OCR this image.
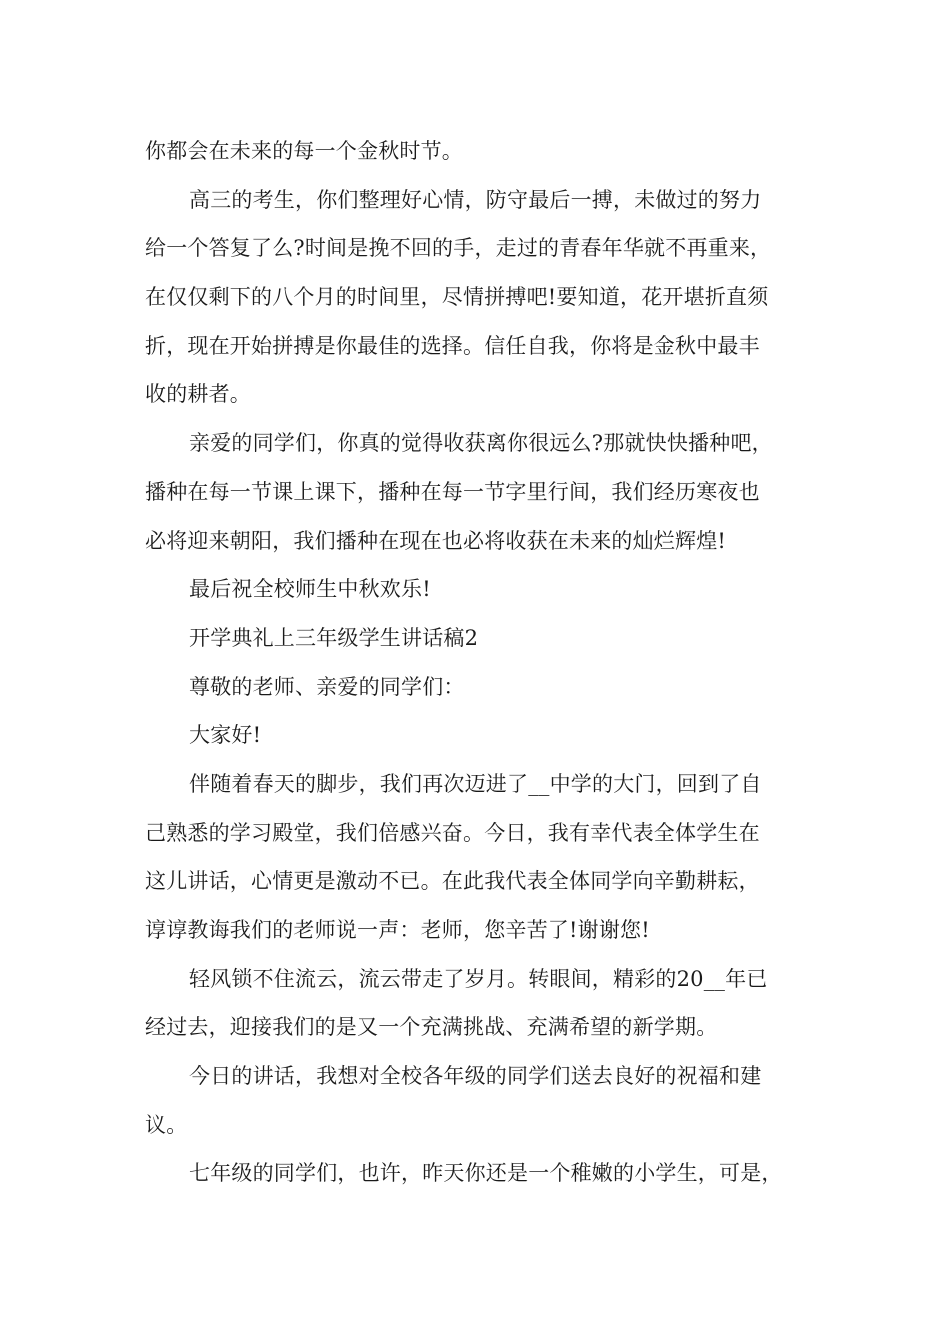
你都会在未来的每一个金秋时节。
高三的考生，你们整理好心情，防守最后一搏，未做过的努力
给一个答复了么?时间是挽不回的手，走过的青春年华就不再重来，
在仅仅剩下的八个月的时间里，尽情拼搏吧!要知道，花开堪折直须
折，现在开始拼搏是你最佳的选择。信任自我，你将是金秋中最丰
收的耕者。
亲爱的同学们，你真的觉得收获离你很远么?那就快快播种吧，
播种在每一节课上课下，播种在每一节字里行间，我们经历寒夜也
必将迎来朝阳，我们播种在现在也必将收获在未来的灿烂辉煌!
最后祝全校师生中秋欢乐!
开学典礼上三年级学生讲话稿2
尊敬的老师、亲爱的同学们：
大家好!
伴随着春天的脚步，我们再次迈进了__中学的大门，回到了自
己熟悉的学习殿堂，我们倍感兴奋。今日，我有幸代表全体学生在
这儿讲话，心情更是激动不已。在此我代表全体同学向辛勤耕耘，
谆谆教诲我们的老师说一声：老师，您辛苦了!谢谢您!
轻风锁不住流云，流云带走了岁月。转眼间，精彩的20__年已
经过去，迎接我们的是又一个充满挑战、充满希望的新学期。
今日的讲话，我想对全校各年级的同学们送去良好的祝福和建
议。
七年级的同学们，也许，昨天你还是一个稚嫩的小学生，可是，
